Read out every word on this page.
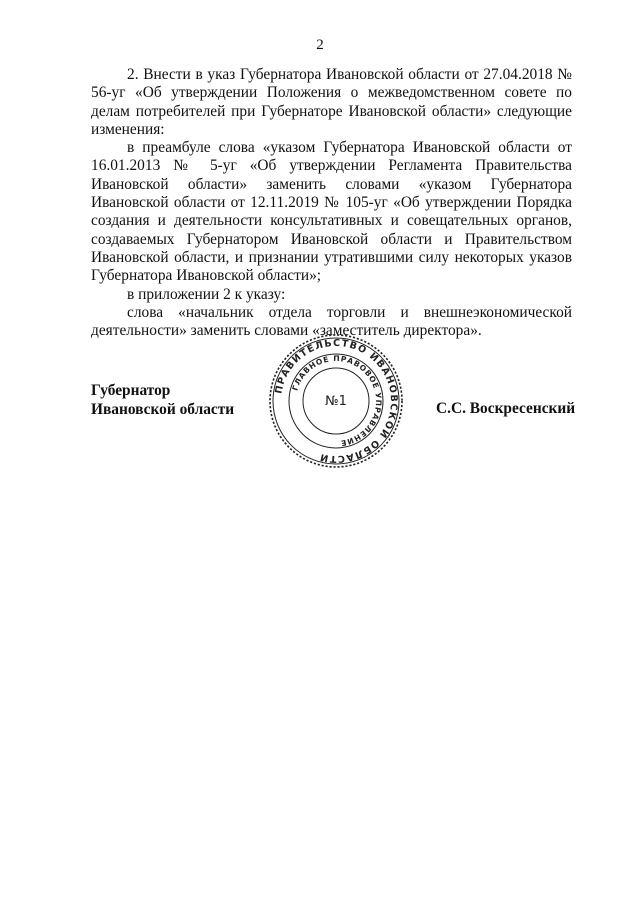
2

2. Внести в указ Губернатора Ивановской области от 27.04.2018 № 56-уг «Об утверждении Положения о межведомственном совете по делам потребителей при Губернаторе Ивановской области» следующие изменения:

в преамбуле слова «указом Губернатора Ивановской области от 16.01.2013 № 5-уг «Об утверждении Регламента Правительства Ивановской области» заменить словами «указом Губернатора Ивановской области от 12.11.2019 № 105-уг «Об утверждении Порядка создания и деятельности консультативных и совещательных органов, создаваемых Губернатором Ивановской области и Правительством Ивановской области, и признании утратившими силу некоторых указов Губернатора Ивановской области»;

в приложении 2 к указу:

слова «начальник отдела торговли и внешнеэкономической деятельности» заменить словами «заместитель директора».

Губернатор
Ивановской области	С.С. Воскресенский
ПРАВИТЕЛЬСТВО ИВАНОВСКОЙ ОБЛАСТИ
ГЛАВНОЕ ПРАВОВОЕ УПРАВЛЕНИЕ
№1
